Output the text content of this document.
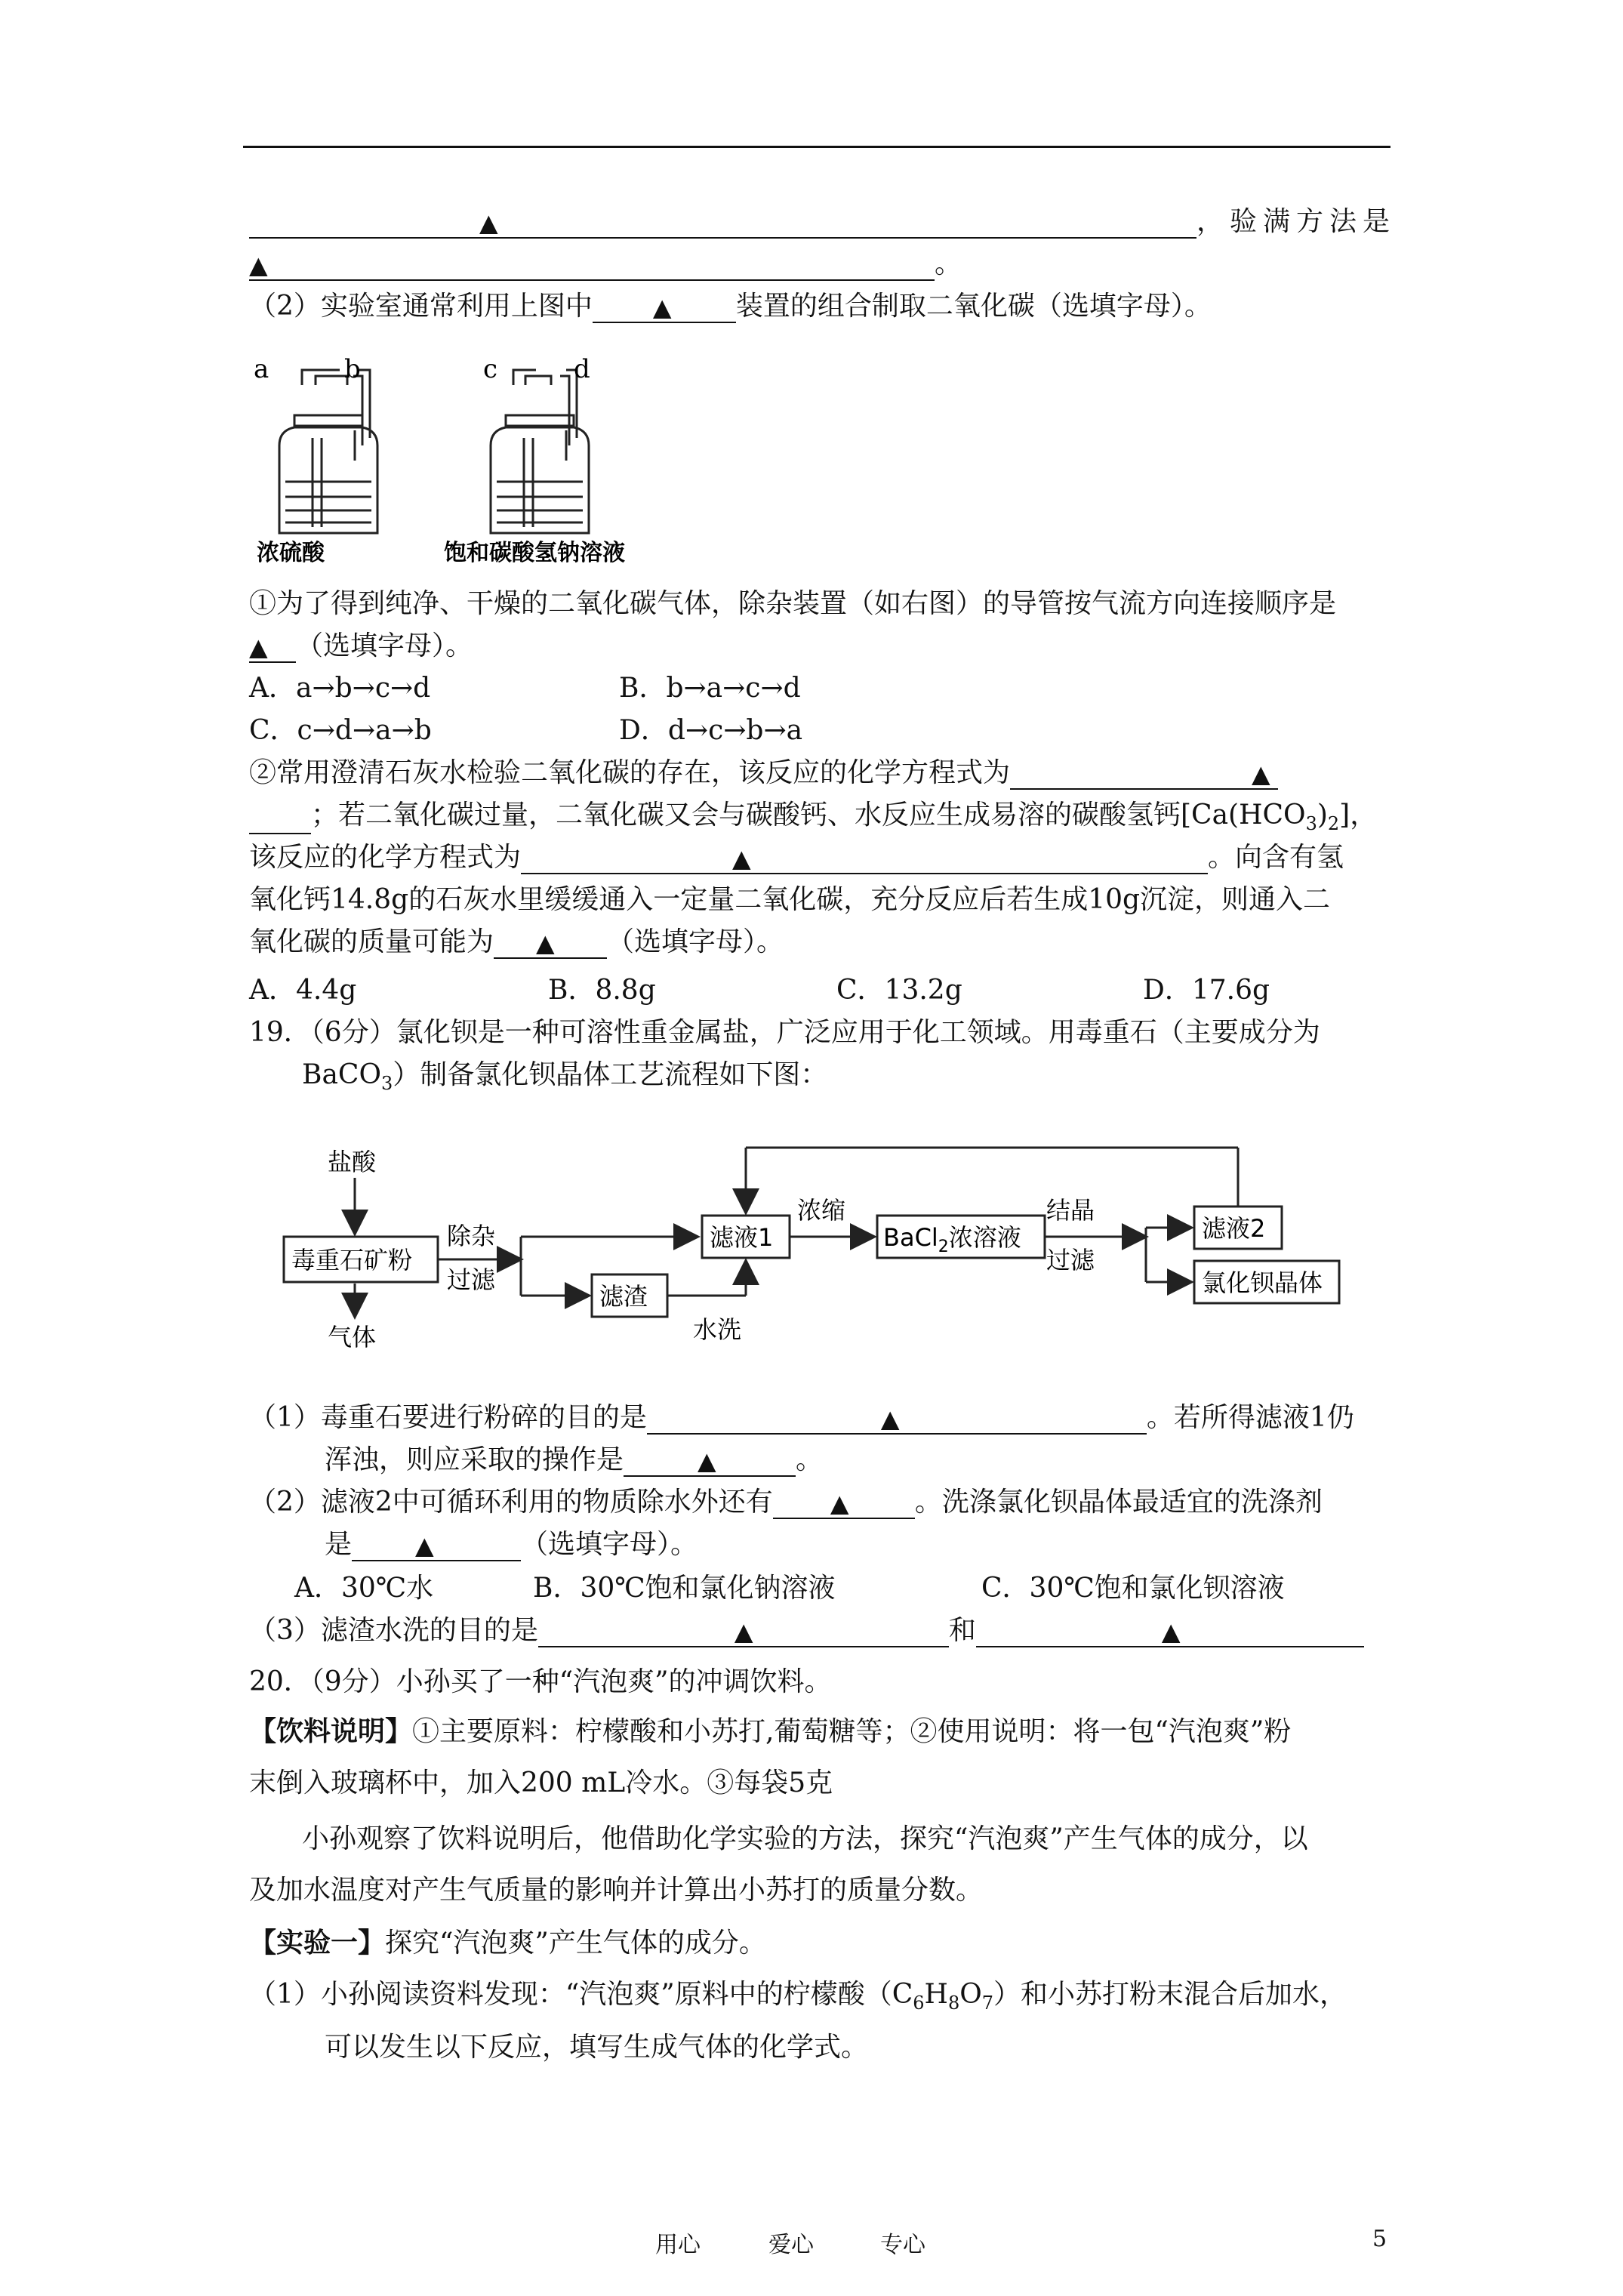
▲	，验满方法是
▲	。
（2）实验室通常利用上图中	▲ 装置的组合制取二氧化碳（选填字母）。
a	b
浓硫酸
c	d
饱和碳酸氢钠溶液
①为了得到纯净、干燥的二氧化碳气体，除杂装置（如右图）的导管按气流方向连接顺序是
▲ （选填字母）。
A．a→b→c→d	B．b→a→c→d
C．c→d→a→b	D．d→c→b→a
②常用澄清石灰水检验二氧化碳的存在，该反应的化学方程式为	▲
；若二氧化碳过量，二氧化碳又会与碳酸钙、水反应生成易溶的碳酸氢钙$[Ca(HCO_3)_2]$，
该反应的化学方程式为	▲	。向含有氢
氧化钙14.8g的石灰水里缓缓通入一定量二氧化碳，充分反应后若生成10g沉淀，则通入二
氧化碳的质量可能为 ▲ （选填字母）。
A．4.4g	B．8.8g	C．13.2g	D．17.6g
19．（6分）氯化钡是一种可溶性重金属盐，广泛应用于化工领域。用毒重石（主要成分为
BaCO$_3$）制备氯化钡晶体工艺流程如下图：
盐酸
毒重石矿粉
气体
除杂
过滤
滤液1
滤渣
水洗
浓缩
BaCl$_2$浓溶液
结晶
过滤
滤液2
氯化钡晶体
（1）毒重石要进行粉碎的目的是	▲	。若所得滤液1仍
浑浊，则应采取的操作是	▲	。
（2）滤液2中可循环利用的物质除水外还有 ▲ 。洗涤氯化钡晶体最适宜的洗涤剂
是	▲	（选填字母）。
A．30℃水	B．30℃饱和氯化钠溶液	C．30℃饱和氯化钡溶液
（3）滤渣水洗的目的是	▲	和	▲
20．（9分）小孙买了一种“汽泡爽”的冲调饮料。
【饮料说明】①主要原料：柠檬酸和小苏打,葡萄糖等；②使用说明：将一包“汽泡爽”粉
末倒入玻璃杯中，加入200 mL冷水。③每袋5克
小孙观察了饮料说明后，他借助化学实验的方法，探究“汽泡爽”产生气体的成分，以
及加水温度对产生气质量的影响并计算出小苏打的质量分数。
【实验一】探究“汽泡爽”产生气体的成分。
（1）小孙阅读资料发现：“汽泡爽”原料中的柠檬酸$(C_6H_8O_7)$和小苏打粉末混合后加水，
可以发生以下反应，填写生成气体的化学式。
用心	爱心	专心	5
